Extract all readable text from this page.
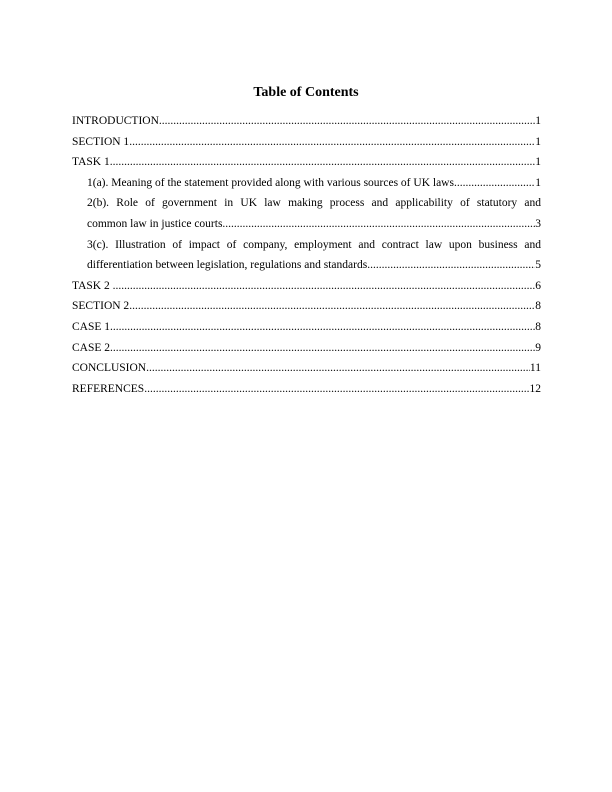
Table of Contents
INTRODUCTION .....	1
SECTION 1 .....	1
TASK 1 .....	1
1(a). Meaning of the statement provided along with various sources of UK laws .....	1
2(b). Role of government in UK law making process and applicability of statutory and
common law in justice courts .....	3
3(c). Illustration of impact of company, employment and contract law upon business and
differentiation between legislation, regulations and standards .....	5
TASK 2 .....	6
SECTION 2 .....	8
CASE 1 .....	8
CASE 2 .....	9
CONCLUSION .....	11
REFERENCES .....	12
